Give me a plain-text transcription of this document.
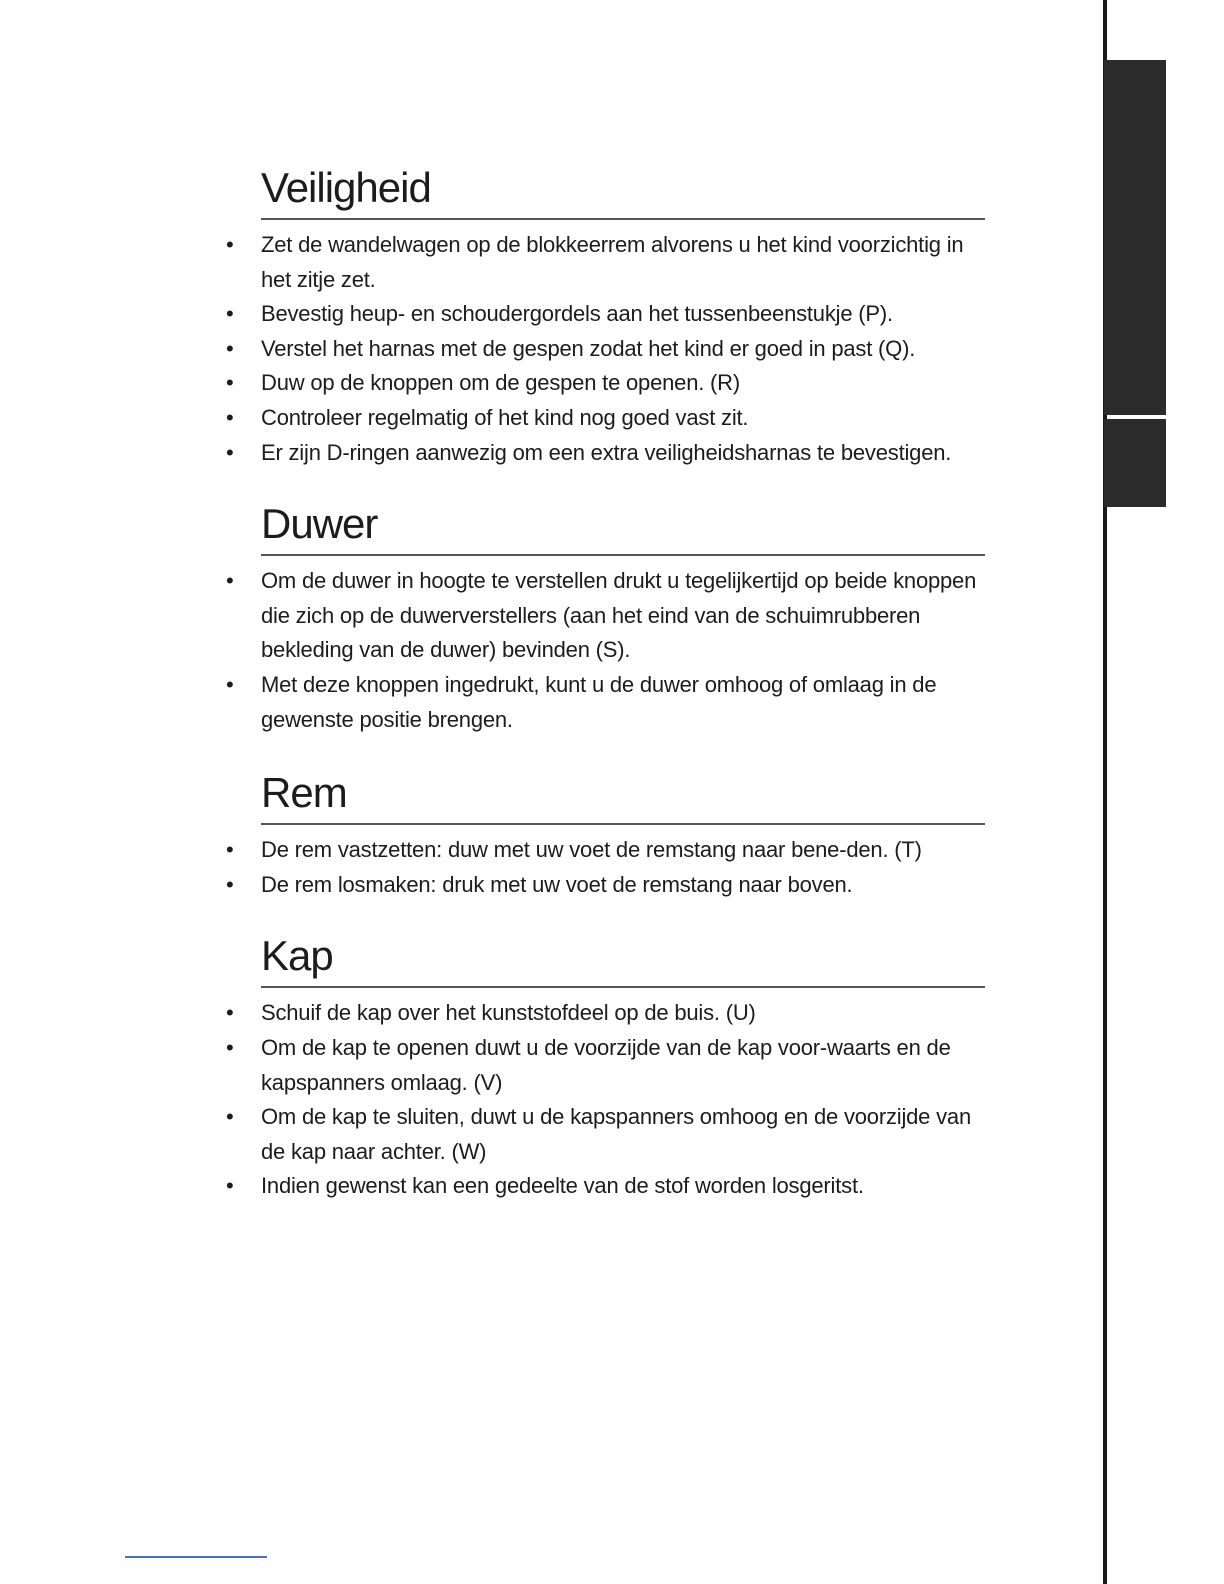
Veiligheid
• Zet de wandelwagen op de blokkeerrem alvorens u het kind voorzichtig in het zitje zet.
• Bevestig heup- en schoudergordels aan het tussenbeenstukje (P).
• Verstel het harnas met de gespen zodat het kind er goed in past (Q).
• Duw op de knoppen om de gespen te openen. (R)
• Controleer regelmatig of het kind nog goed vast zit.
• Er zijn D-ringen aanwezig om een extra veiligheidsharnas te bevestigen.
Duwer
• Om de duwer in hoogte te verstellen drukt u tegelijkertijd op beide knoppen die zich op de duwerverstellers (aan het eind van de schuimrubberen bekleding van de duwer) bevinden (S).
• Met deze knoppen ingedrukt, kunt u de duwer omhoog of omlaag in de gewenste positie brengen.
Rem
• De rem vastzetten: duw met uw voet de remstang naar bene-den. (T)
• De rem losmaken: druk met uw voet de remstang naar boven.
Kap
• Schuif de kap over het kunststofdeel op de buis. (U)
• Om de kap te openen duwt u de voorzijde van de kap voor-waarts en de kapspanners omlaag. (V)
• Om de kap te sluiten, duwt u de kapspanners omhoog en de voorzijde van de kap naar achter. (W)
• Indien gewenst kan een gedeelte van de stof worden losgeritst.
